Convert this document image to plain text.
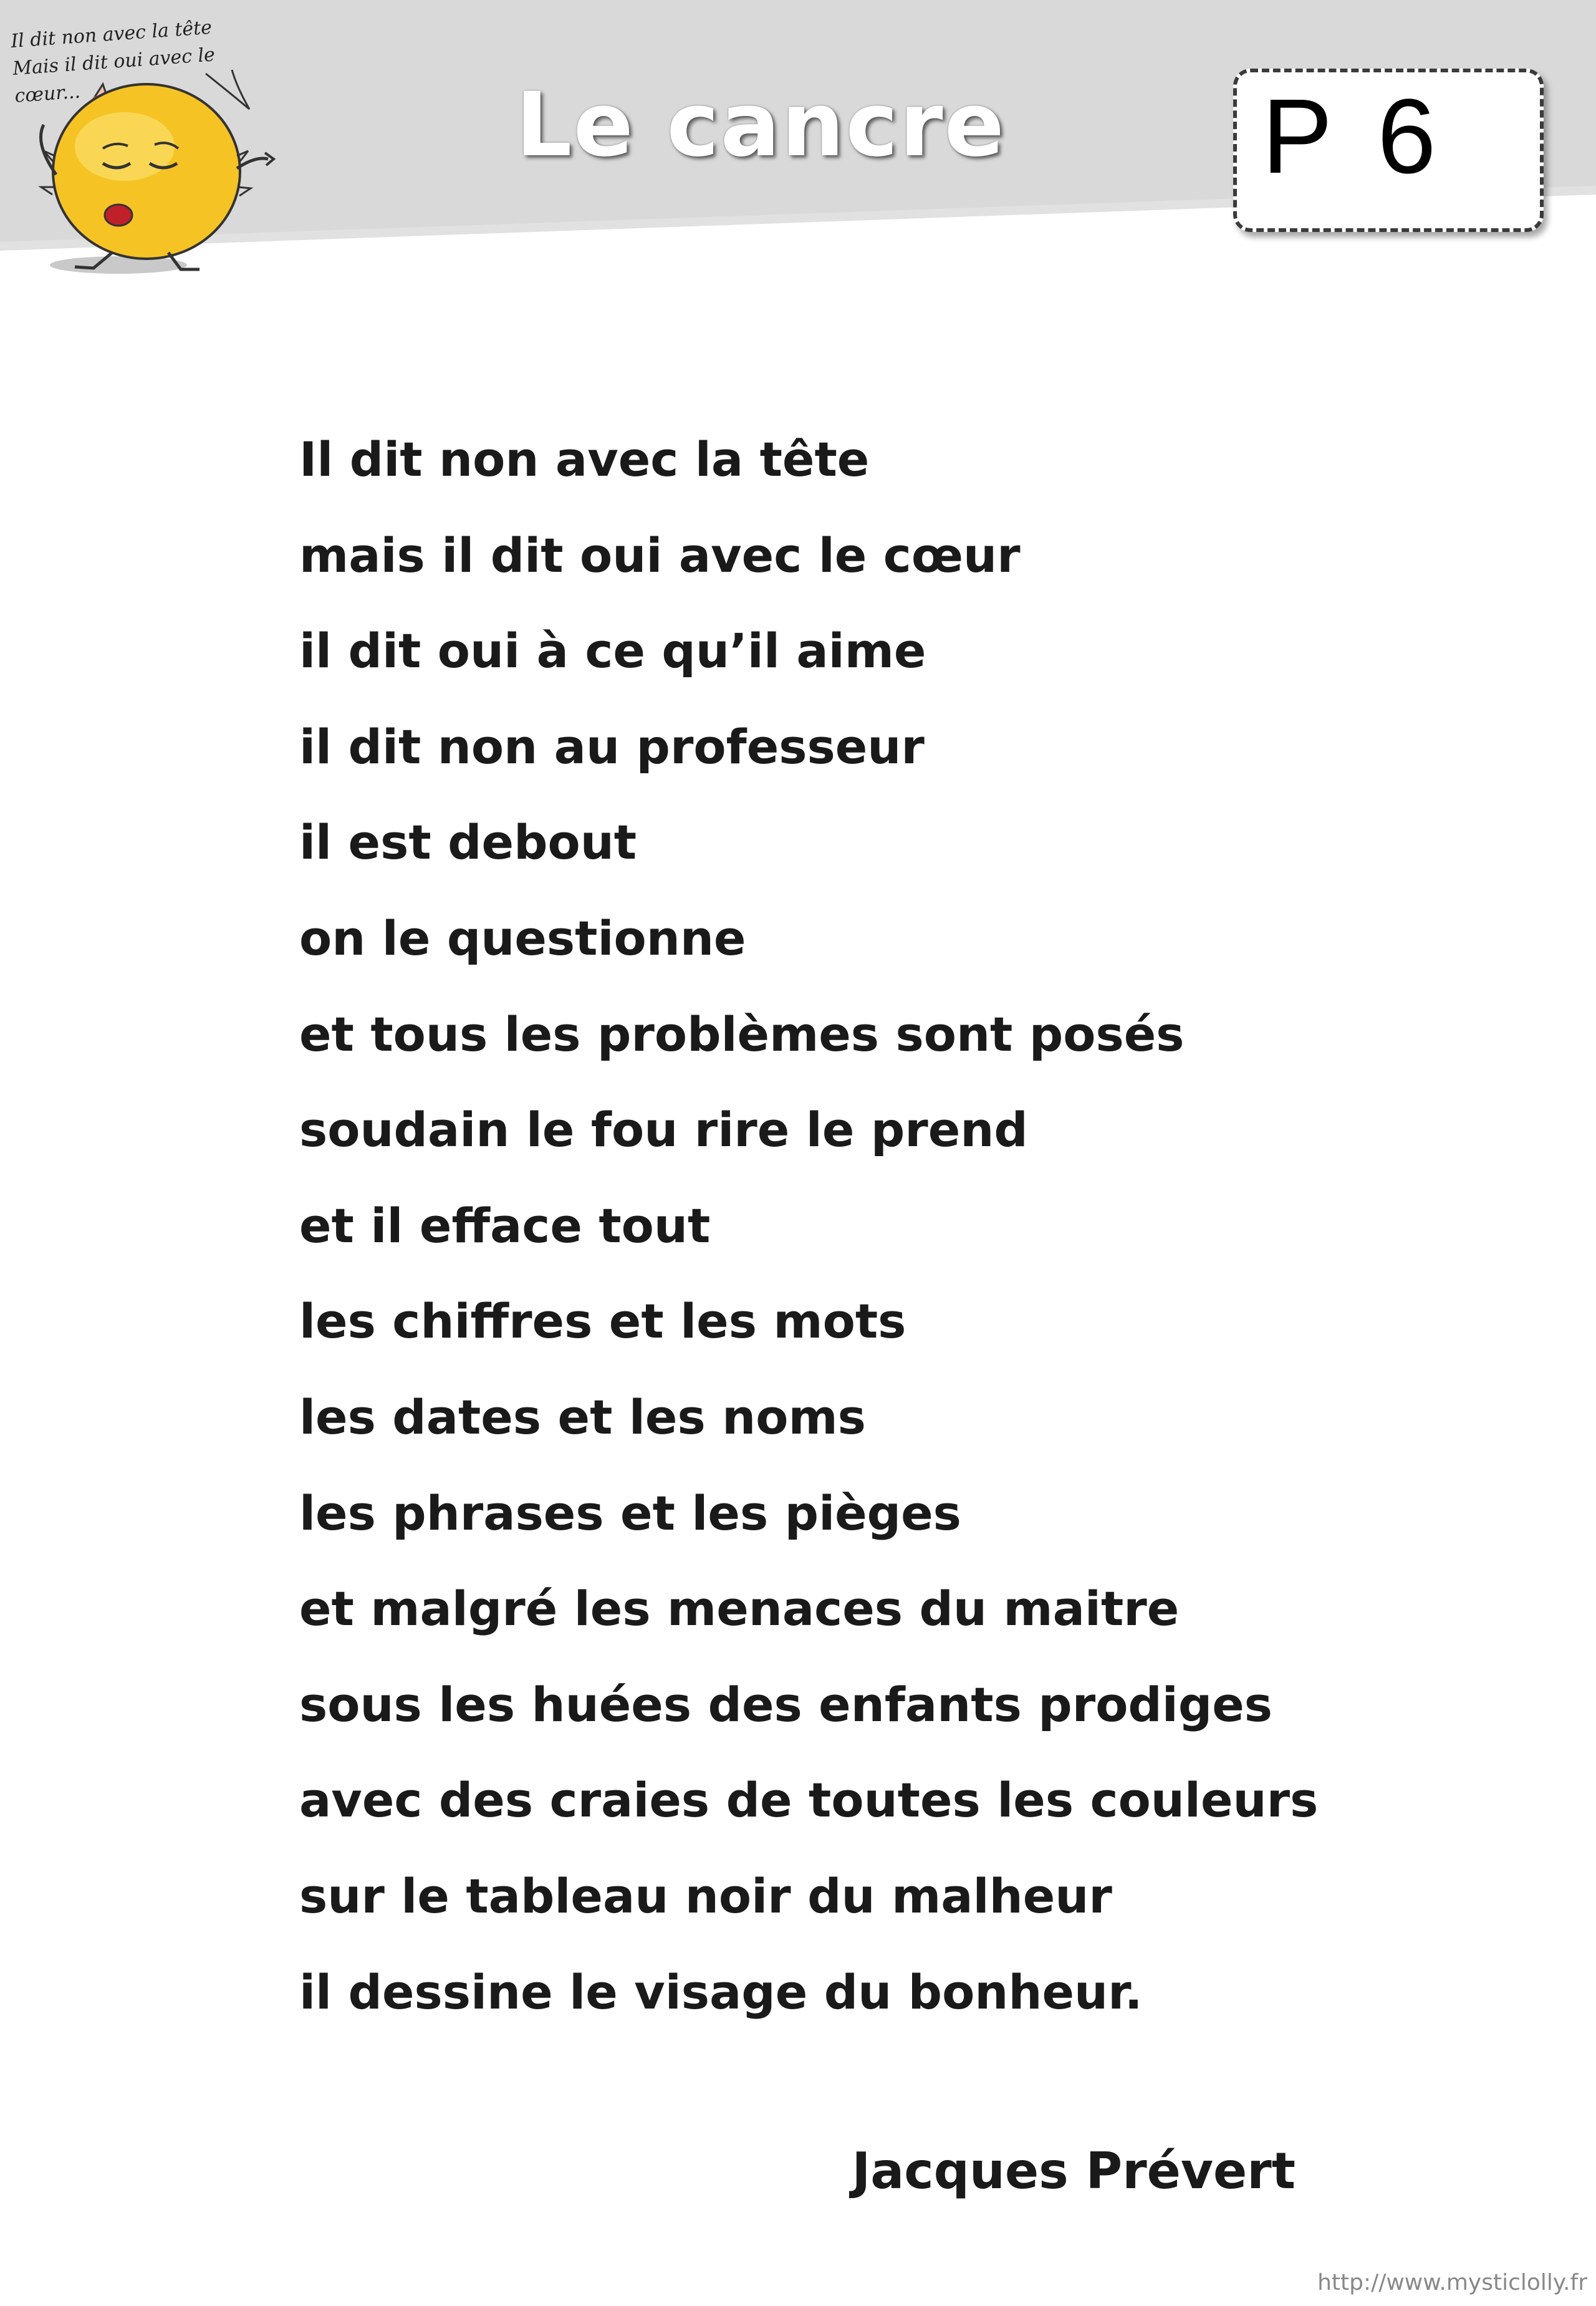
Il dit non avec la tête
Mais il dit oui avec le cœur...	Le cancre	P 6
Il dit non avec la tête
mais il dit oui avec le cœur
il dit oui à ce qu’il aime
il dit non au professeur
il est debout
on le questionne
et tous les problèmes sont posés
soudain le fou rire le prend
et il efface tout
les chiffres et les mots
les dates et les noms
les phrases et les pièges
et malgré les menaces du maitre
sous les huées des enfants prodiges
avec des craies de toutes les couleurs
sur le tableau noir du malheur
il dessine le visage du bonheur.
Jacques Prévert
http://www.mysticlolly.fr
